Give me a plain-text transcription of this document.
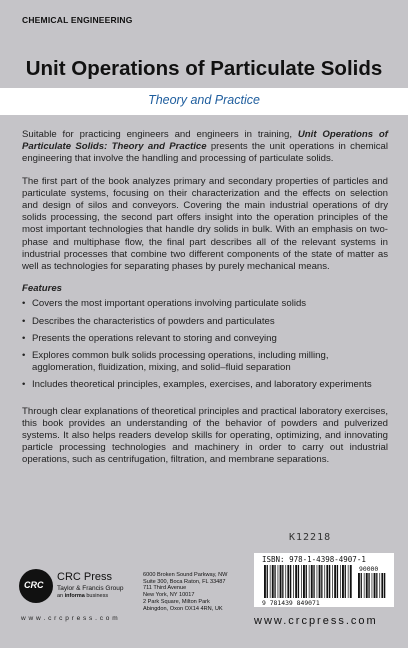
CHEMICAL ENGINEERING
Unit Operations of Particulate Solids
Theory and Practice

Suitable for practicing engineers and engineers in training, Unit Operations of Particulate Solids: Theory and Practice presents the unit operations in chemical engineering that involve the handling and processing of particulate solids.

The first part of the book analyzes primary and secondary properties of particles and particulate systems, focusing on their characterization and the effects on selection and design of silos and conveyors. Covering the main industrial operations of dry solids processing, the second part offers insight into the operation principles of the most important technologies that handle dry solids in bulk. With an emphasis on two-phase and multiphase flow, the final part describes all of the relevant systems in industrial processes that combine two different components of the state of matter as well as technologies for separating phases by purely mechanical means.

Features
• Covers the most important operations involving particulate solids
• Describes the characteristics of powders and particulates
• Presents the operations relevant to storing and conveying
• Explores common bulk solids processing operations, including milling, agglomeration, fluidization, mixing, and solid–fluid separation
• Includes theoretical principles, examples, exercises, and laboratory experiments

Through clear explanations of theoretical principles and practical laboratory exercises, this book provides an understanding of the behavior of powders and pulverized systems. It also helps readers develop skills for operating, optimizing, and innovating particle processing technologies and machinery in order to carry out industrial operations, such as centrifugation, filtration, and membrane separations.

K12218
ISBN: 978-1-4398-4907-1
9 781439 849071
90000
CRC
CRC Press
Taylor & Francis Group
an informa business
w w w . c r c p r e s s . c o m
6000 Broken Sound Parkway, NW
Suite 300, Boca Raton, FL 33487
711 Third Avenue
New York, NY 10017
2 Park Square, Milton Park
Abingdon, Oxon OX14 4RN, UK
www.crcpress.com
